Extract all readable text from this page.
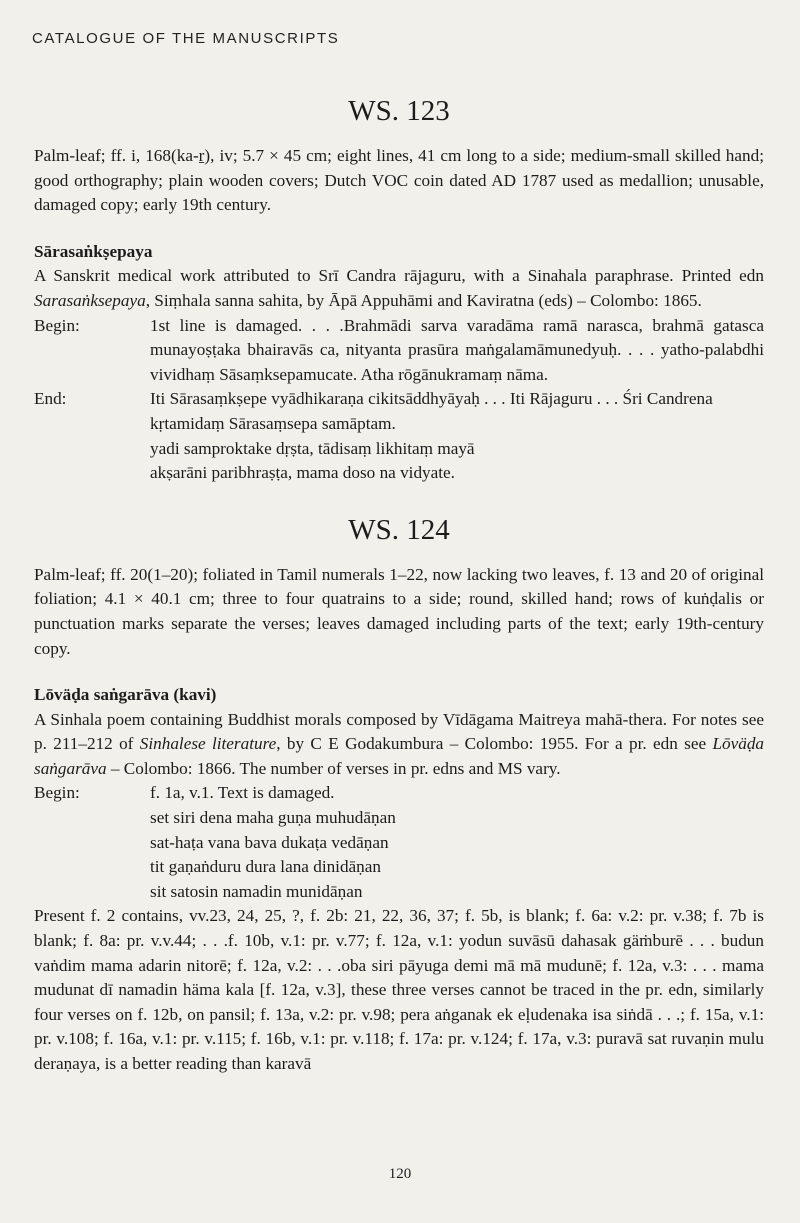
CATALOGUE OF THE MANUSCRIPTS
WS. 123

Palm-leaf; ff. i, 168(ka-ṟ), iv; 5.7 × 45 cm; eight lines, 41 cm long to a side; medium-small skilled hand; good orthography; plain wooden covers; Dutch VOC coin dated AD 1787 used as medallion; unusable, damaged copy; early 19th century.

Sārasaṅkṣepaya

A Sanskrit medical work attributed to Srī Candra rājaguru, with a Sinahala paraphrase. Printed edn Sarasaṅksepaya, Siṃhala sanna sahita, by Āpā Appuhāmi and Kaviratna (eds) – Colombo: 1865.

Begin:	1st line is damaged. . . .Brahmādi sarva varadāma ramā narasca, brahmā gatasca munayoṣṭaka bhairavās ca, nityanta prasūra maṅgalamāmunedyuḥ. . . . yatho-palabdhi vividhaṃ Sāsaṃksepamucate. Atha rōgānukramaṃ nāma.
End:	Iti Sārasaṃkṣepe vyādhikaraṇa cikitsāddhyāyaḥ . . . Iti Rājaguru . . . Śri Candrena
kṛtamidaṃ Sārasaṃsepa samāptam.
yadi samproktake dṛṣta, tādisaṃ likhitaṃ mayā
akṣarāni paribhraṣṭa, mama doso na vidyate.
WS. 124

Palm-leaf; ff. 20(1–20); foliated in Tamil numerals 1–22, now lacking two leaves, f. 13 and 20 of original foliation; 4.1 × 40.1 cm; three to four quatrains to a side; round, skilled hand; rows of kuṅḍalis or punctuation marks separate the verses; leaves damaged including parts of the text; early 19th-century copy.

Lōväḍa saṅgarāva (kavi)

A Sinhala poem containing Buddhist morals composed by Vīdāgama Maitreya mahā-thera. For notes see p. 211–212 of Sinhalese literature, by C E Godakumbura – Colombo: 1955. For a pr. edn see Lōväḍa saṅgarāva – Colombo: 1866. The number of verses in pr. edns and MS vary.

Begin:	f. 1a, v.1. Text is damaged.
set siri dena maha guṇa muhudāṇan
sat-haṭa vana bava dukaṭa vedāṇan
tit gaṇaṅduru dura lana dinidāṇan
sit satosin namadin munidāṇan

Present f. 2 contains, vv.23, 24, 25, ?, f. 2b: 21, 22, 36, 37; f. 5b, is blank; f. 6a: v.2: pr. v.38; f. 7b is blank; f. 8a: pr. v.v.44; . . .f. 10b, v.1: pr. v.77; f. 12a, v.1: yodun suvāsū dahasak gäṁburē . . . budun vaṅdim mama adarin nitorē; f. 12a, v.2: . . .oba siri pāyuga demi mā mā mudunē; f. 12a, v.3: . . . mama mudunat dī namadin häma kala [f. 12a, v.3], these three verses cannot be traced in the pr. edn, similarly four verses on f. 12b, on pansil; f. 13a, v.2: pr. v.98; pera aṅganak ek eḷudenaka isa siṅdā . . .; f. 15a, v.1: pr. v.108; f. 16a, v.1: pr. v.115; f. 16b, v.1: pr. v.118; f. 17a: pr. v.124; f. 17a, v.3: puravā sat ruvaṇin mulu deraṇaya, is a better reading than karavā

120
